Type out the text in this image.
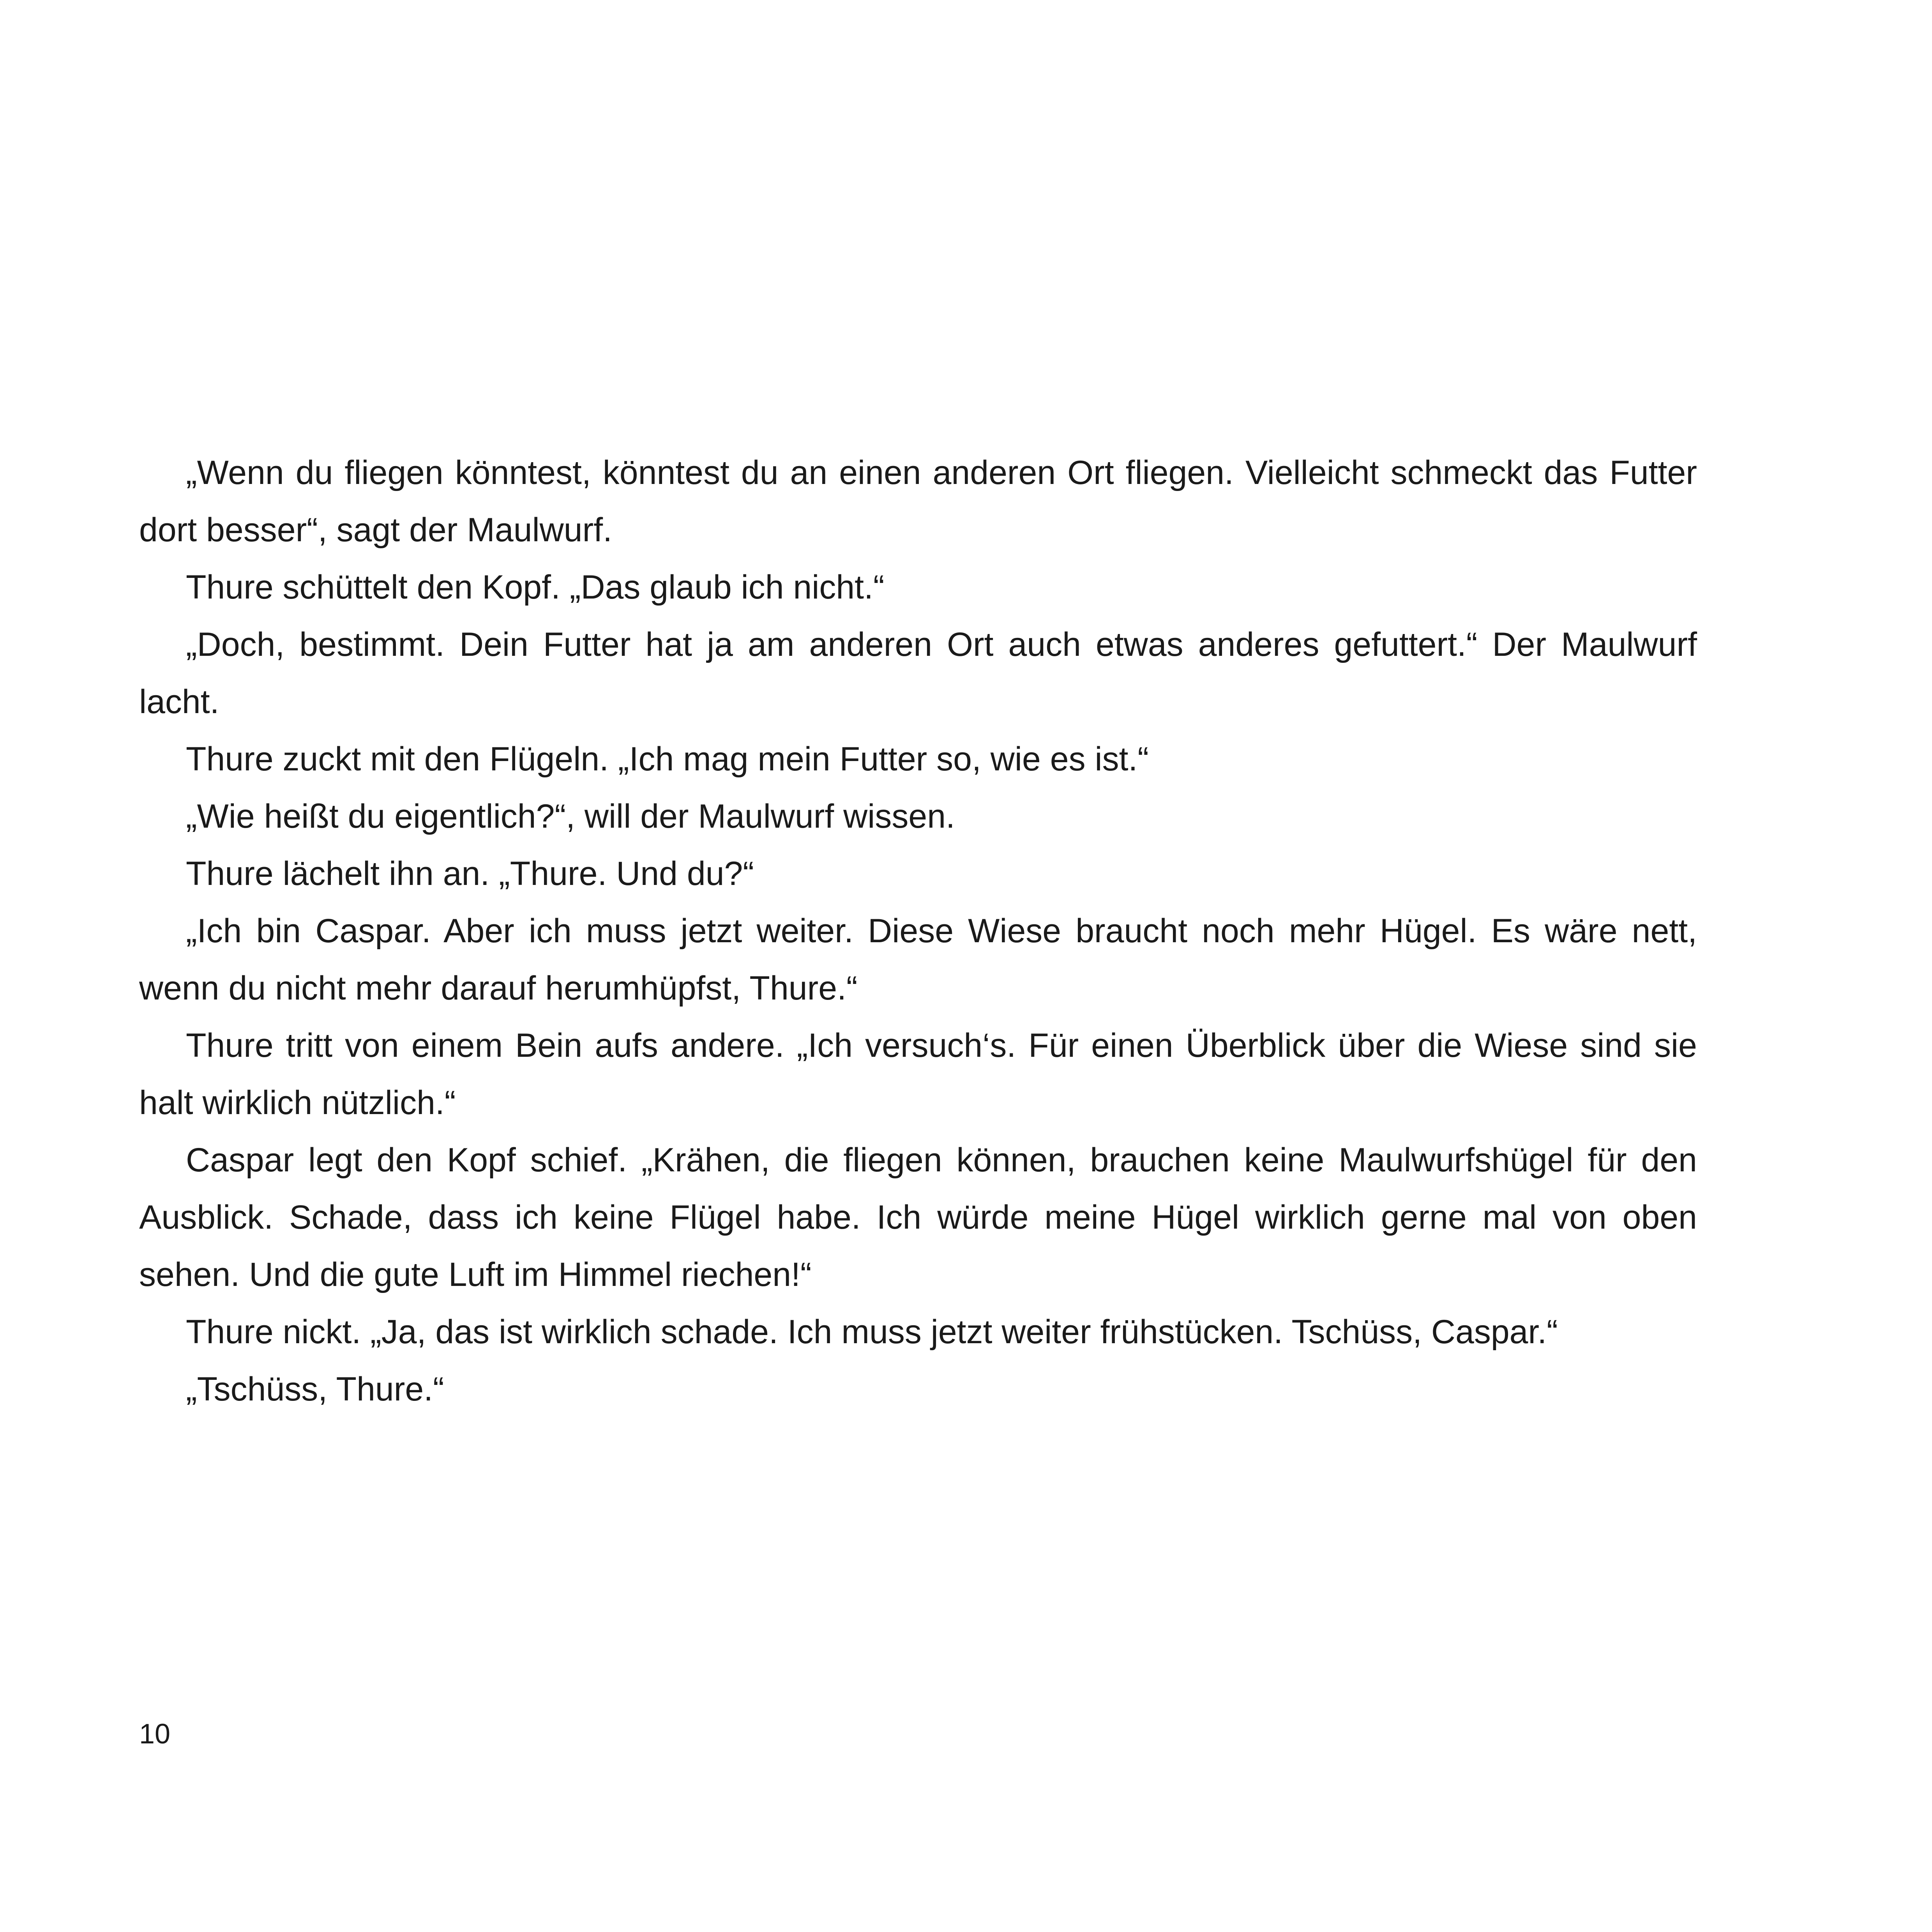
„Wenn du fliegen könntest, könntest du an einen anderen Ort fliegen. Vielleicht schmeckt das Futter dort besser“, sagt der Maulwurf.

Thure schüttelt den Kopf. „Das glaub ich nicht.“

„Doch, bestimmt. Dein Futter hat ja am anderen Ort auch etwas anderes gefuttert.“ Der Maulwurf lacht.

Thure zuckt mit den Flügeln. „Ich mag mein Futter so, wie es ist.“

„Wie heißt du eigentlich?“, will der Maulwurf wissen.

Thure lächelt ihn an. „Thure. Und du?“

„Ich bin Caspar. Aber ich muss jetzt weiter. Diese Wiese braucht noch mehr Hügel. Es wäre nett, wenn du nicht mehr darauf herumhüpfst, Thure.“

Thure tritt von einem Bein aufs andere. „Ich versuch‘s. Für einen Überblick über die Wiese sind sie halt wirklich nützlich.“

Caspar legt den Kopf schief. „Krähen, die fliegen können, brauchen keine Maulwurfshügel für den Ausblick. Schade, dass ich keine Flügel habe. Ich würde meine Hügel wirklich gerne mal von oben sehen. Und die gute Luft im Himmel riechen!“

Thure nickt. „Ja, das ist wirklich schade. Ich muss jetzt weiter frühstücken. Tschüss, Caspar.“

„Tschüss, Thure.“

10
